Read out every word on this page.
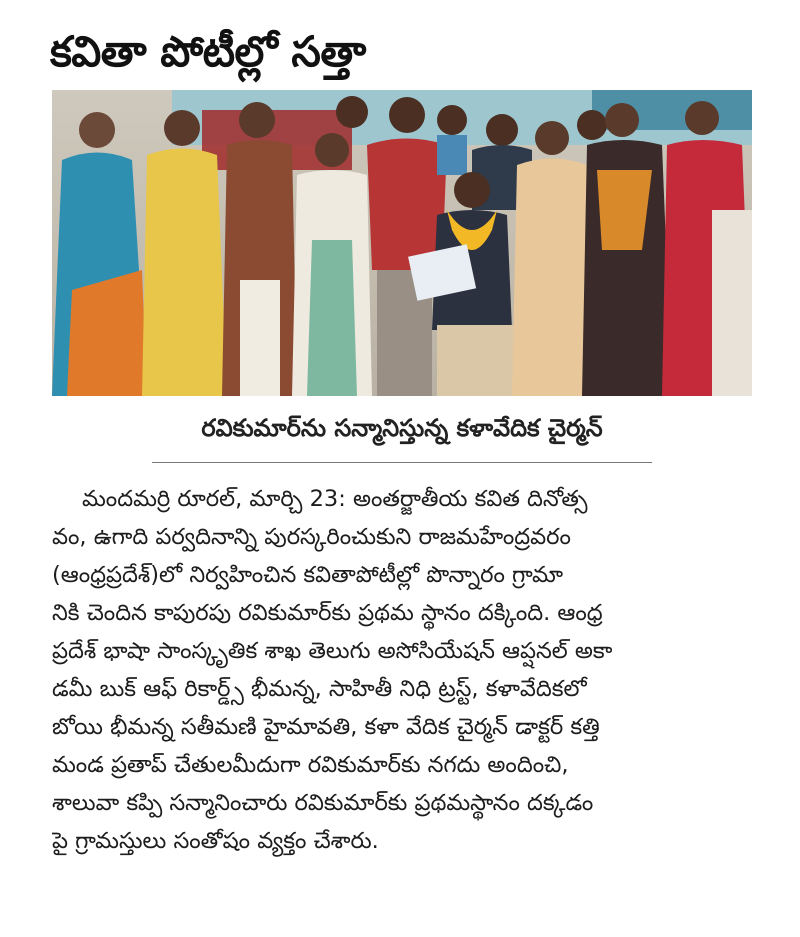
కవితా పోటీల్లో సత్తా
రవికుమార్‌ను సన్మానిస్తున్న కళావేదిక చైర్మన్
మందమర్రి రూరల్, మార్చి 23: అంతర్జాతీయ కవిత దినోత్స
వం, ఉగాది పర్వదినాన్ని పురస్కరించుకుని రాజమహేంద్రవరం
(ఆంధ్రప్రదేశ్)లో నిర్వహించిన కవితాపోటీల్లో పొన్నారం గ్రామా
నికి చెందిన కాపురపు రవికుమార్‌కు ప్రథమ స్థానం దక్కింది. ఆంధ్ర
ప్రదేశ్ భాషా సాంస్కృతిక శాఖ తెలుగు అసోసియేషన్ ఆప్షనల్ అకా
డమీ బుక్ ఆఫ్ రికార్డ్స్ భీమన్న, సాహితీ నిధి ట్రస్ట్, కళావేదికలో
బోయి భీమన్న సతీమణి హైమావతి, కళా వేదిక చైర్మన్ డాక్టర్ కత్తి
మండ ప్రతాప్ చేతులమీదుగా రవికుమార్‌కు నగదు అందించి,
శాలువా కప్పి సన్మానించారు రవికుమార్‌కు ప్రథమస్థానం దక్కడం
పై గ్రామస్తులు సంతోషం వ్యక్తం చేశారు.
